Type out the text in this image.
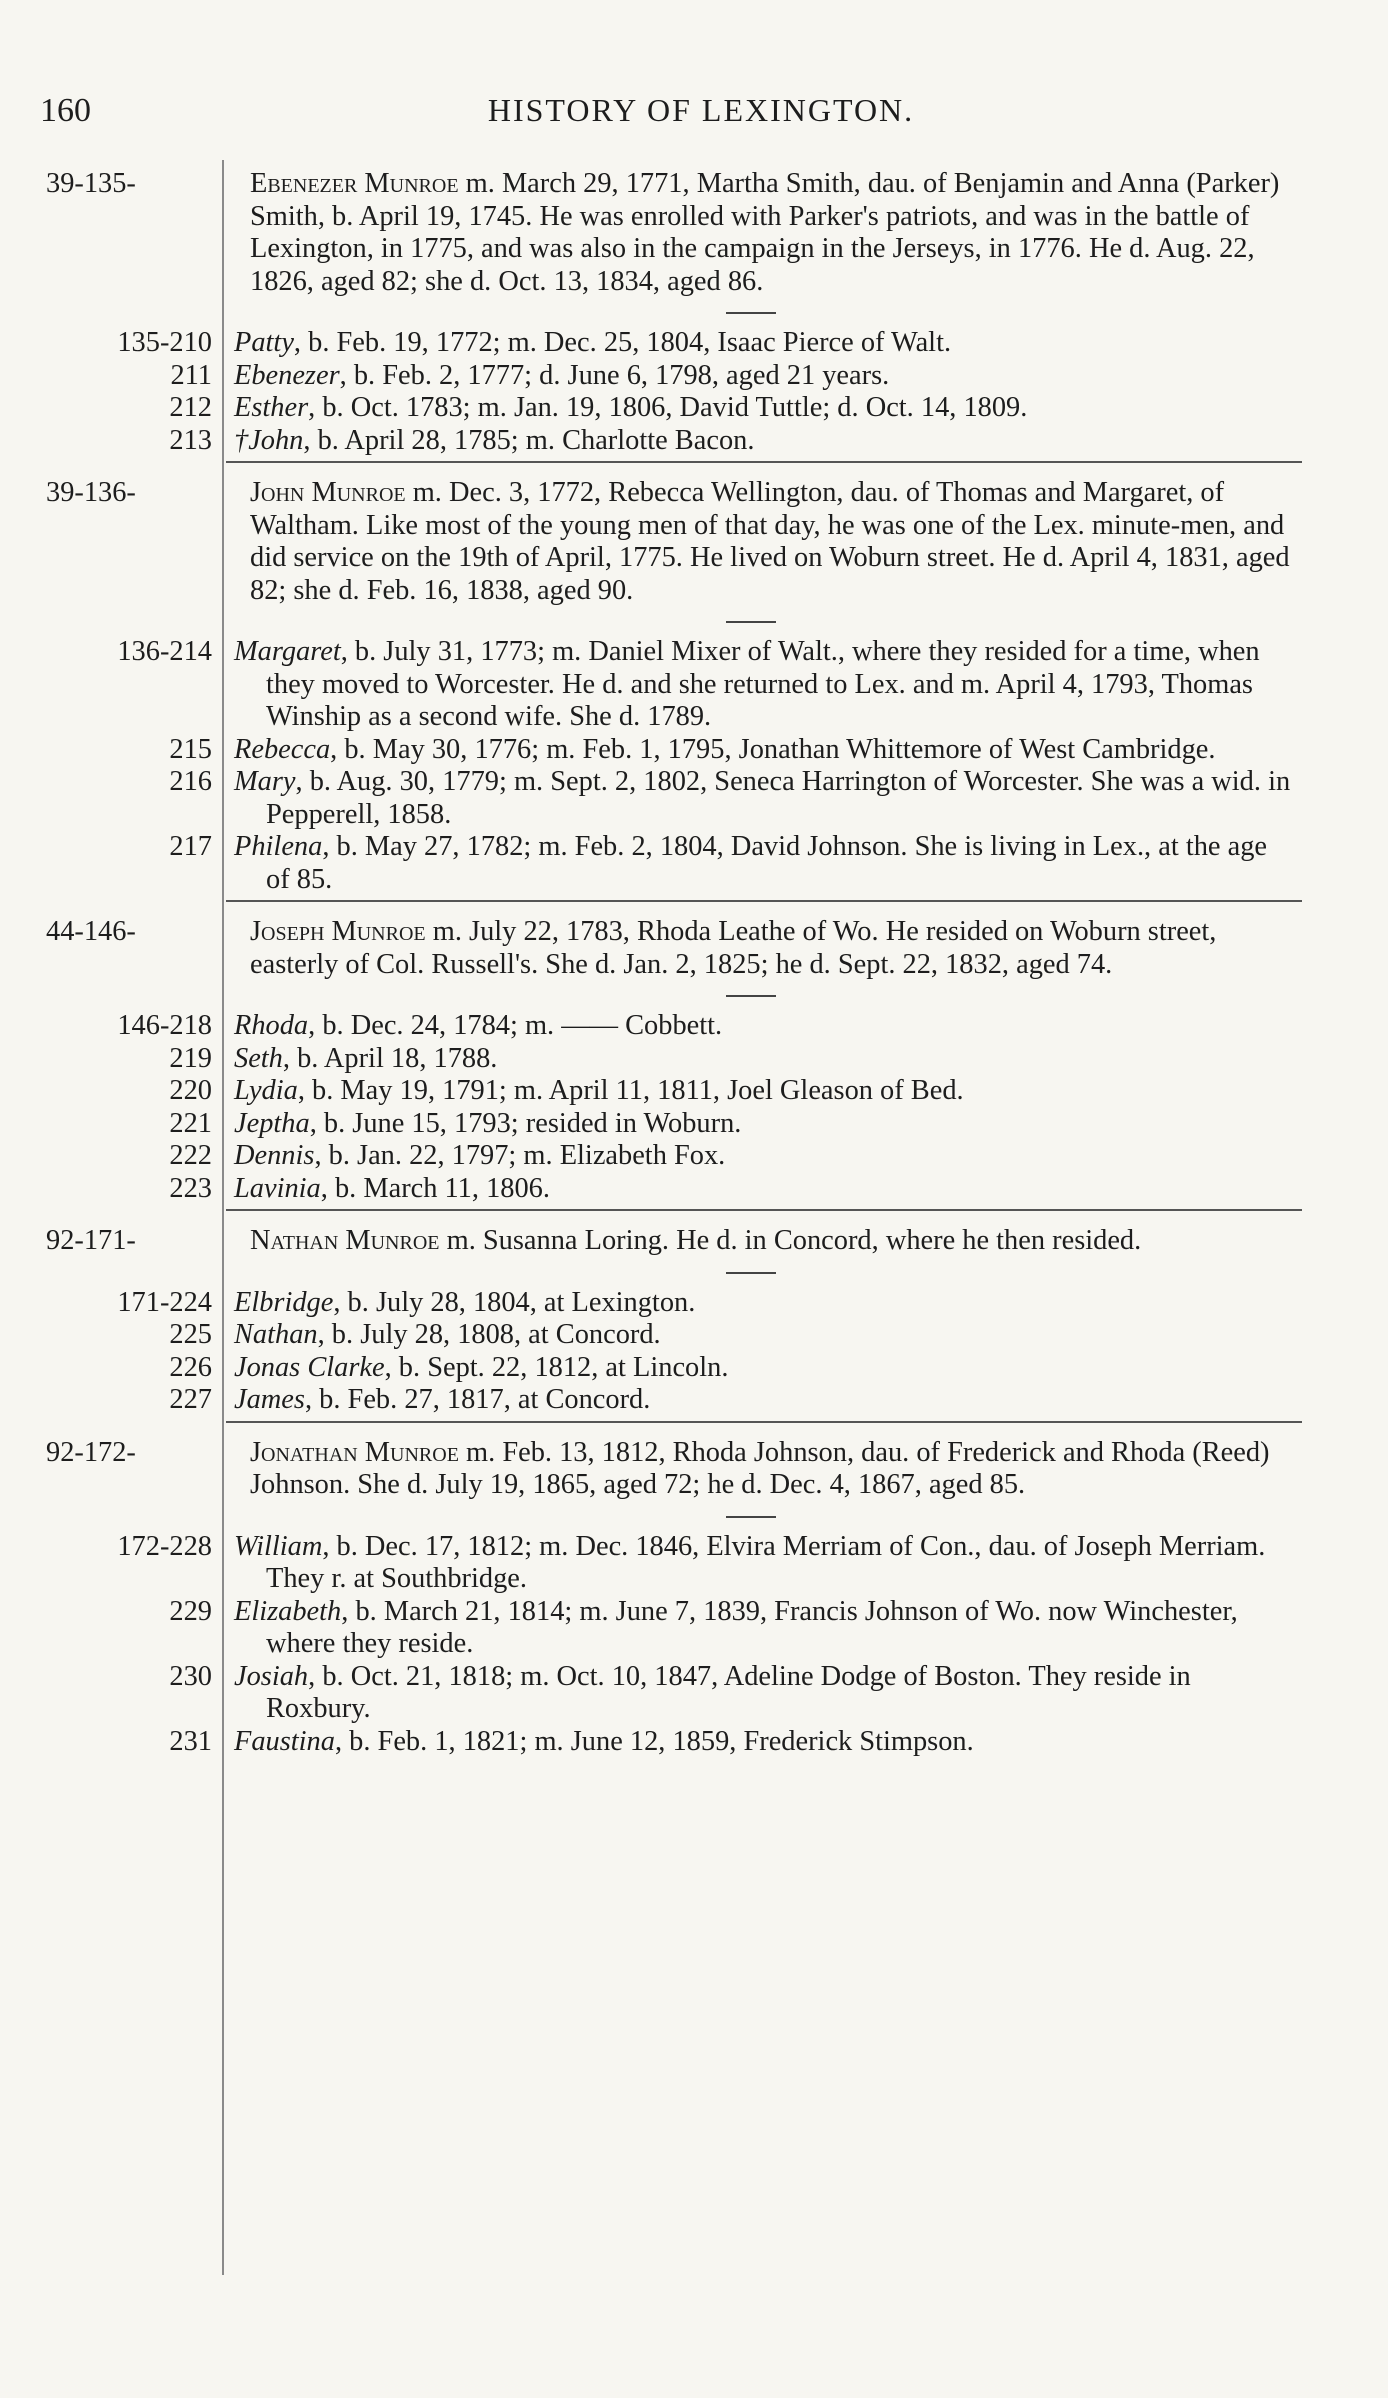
160	HISTORY OF LEXINGTON.
39-135-	Ebenezer Munroe m. March 29, 1771, Martha Smith, dau. of Benjamin and Anna (Parker) Smith, b. April 19, 1745. He was enrolled with Parker's patriots, and was in the battle of Lexington, in 1775, and was also in the campaign in the Jerseys, in 1776. He d. Aug. 22, 1826, aged 82; she d. Oct. 13, 1834, aged 86.
135-210 Patty, b. Feb. 19, 1772; m. Dec. 25, 1804, Isaac Pierce of Walt.
211 Ebenezer, b. Feb. 2, 1777; d. June 6, 1798, aged 21 years.
212 Esther, b. Oct. 1783; m. Jan. 19, 1806, David Tuttle; d. Oct. 14, 1809.
213 †John, b. April 28, 1785; m. Charlotte Bacon.
39-136-	John Munroe m. Dec. 3, 1772, Rebecca Wellington, dau. of Thomas and Margaret, of Waltham. Like most of the young men of that day, he was one of the Lex. minute-men, and did service on the 19th of April, 1775. He lived on Woburn street. He d. April 4, 1831, aged 82; she d. Feb. 16, 1838, aged 90.
136-214 Margaret, b. July 31, 1773; m. Daniel Mixer of Walt., where they resided for a time, when they moved to Worcester. He d. and she returned to Lex. and m. April 4, 1793, Thomas Winship as a second wife. She d. 1789.
215 Rebecca, b. May 30, 1776; m. Feb. 1, 1795, Jonathan Whittemore of West Cambridge.
216 Mary, b. Aug. 30, 1779; m. Sept. 2, 1802, Seneca Harrington of Worcester. She was a wid. in Pepperell, 1858.
217 Philena, b. May 27, 1782; m. Feb. 2, 1804, David Johnson. She is living in Lex., at the age of 85.
44-146-	Joseph Munroe m. July 22, 1783, Rhoda Leathe of Wo. He resided on Woburn street, easterly of Col. Russell's. She d. Jan. 2, 1825; he d. Sept. 22, 1832, aged 74.
146-218 Rhoda, b. Dec. 24, 1784; m. —— Cobbett.
219 Seth, b. April 18, 1788.
220 Lydia, b. May 19, 1791; m. April 11, 1811, Joel Gleason of Bed.
221 Jeptha, b. June 15, 1793; resided in Woburn.
222 Dennis, b. Jan. 22, 1797; m. Elizabeth Fox.
223 Lavinia, b. March 11, 1806.
92-171-	Nathan Munroe m. Susanna Loring. He d. in Concord, where he then resided.
171-224 Elbridge, b. July 28, 1804, at Lexington.
225 Nathan, b. July 28, 1808, at Concord.
226 Jonas Clarke, b. Sept. 22, 1812, at Lincoln.
227 James, b. Feb. 27, 1817, at Concord.
92-172-	Jonathan Munroe m. Feb. 13, 1812, Rhoda Johnson, dau. of Frederick and Rhoda (Reed) Johnson. She d. July 19, 1865, aged 72; he d. Dec. 4, 1867, aged 85.
172-228 William, b. Dec. 17, 1812; m. Dec. 1846, Elvira Merriam of Con., dau. of Joseph Merriam. They r. at Southbridge.
229 Elizabeth, b. March 21, 1814; m. June 7, 1839, Francis Johnson of Wo. now Winchester, where they reside.
230 Josiah, b. Oct. 21, 1818; m. Oct. 10, 1847, Adeline Dodge of Boston. They reside in Roxbury.
231 Faustina, b. Feb. 1, 1821; m. June 12, 1859, Frederick Stimpson.
